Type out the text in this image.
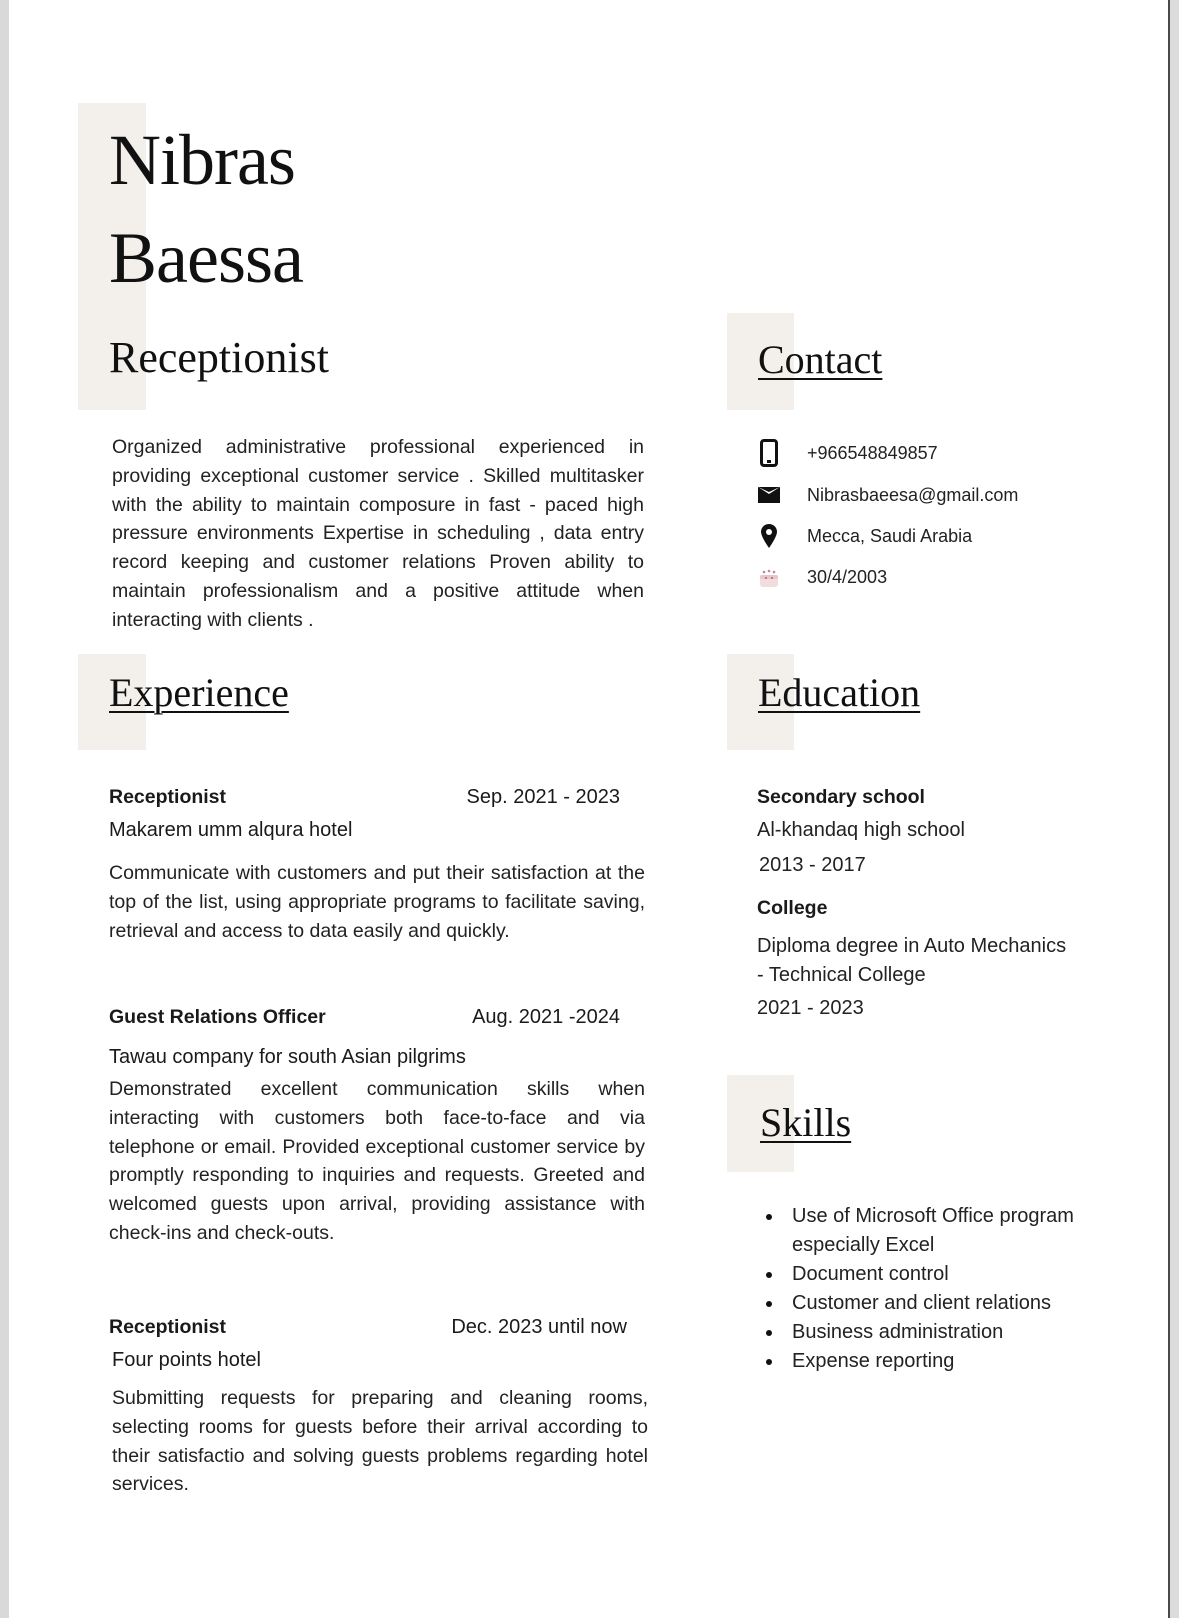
Nibras
Baessa
Receptionist

Organized administrative professional experienced in providing exceptional customer service . Skilled multitasker with the ability to maintain composure in fast - paced high pressure environments Expertise in scheduling , data entry record keeping and customer relations Proven ability to maintain professionalism and a positive attitude when interacting with clients .

Contact
+966548849857
Nibrasbaeesa@gmail.com
Mecca, Saudi Arabia
30/4/2003
Experience
Receptionist	Sep. 2021 - 2023
Makarem umm alqura hotel

Communicate with customers and put their satisfaction at the top of the list, using appropriate programs to facilitate saving, retrieval and access to data easily and quickly.

Guest Relations Officer	Aug. 2021 -2024
Tawau company for south Asian pilgrims

Demonstrated excellent communication skills when interacting with customers both face-to-face and via telephone or email. Provided exceptional customer service by promptly responding to inquiries and requests. Greeted and welcomed guests upon arrival, providing assistance with check-ins and check-outs.

Receptionist	Dec. 2023 until now
Four points hotel

Submitting requests for preparing and cleaning rooms, selecting rooms for guests before their arrival according to their satisfactio and solving guests problems regarding hotel services.

Education
Secondary school
Al-khandaq high school
2013 - 2017
College
Diploma degree in Auto Mechanics - Technical College
2021 - 2023
Skills
Use of Microsoft Office program especially Excel
Document control
Customer and client relations
Business administration
Expense reporting
